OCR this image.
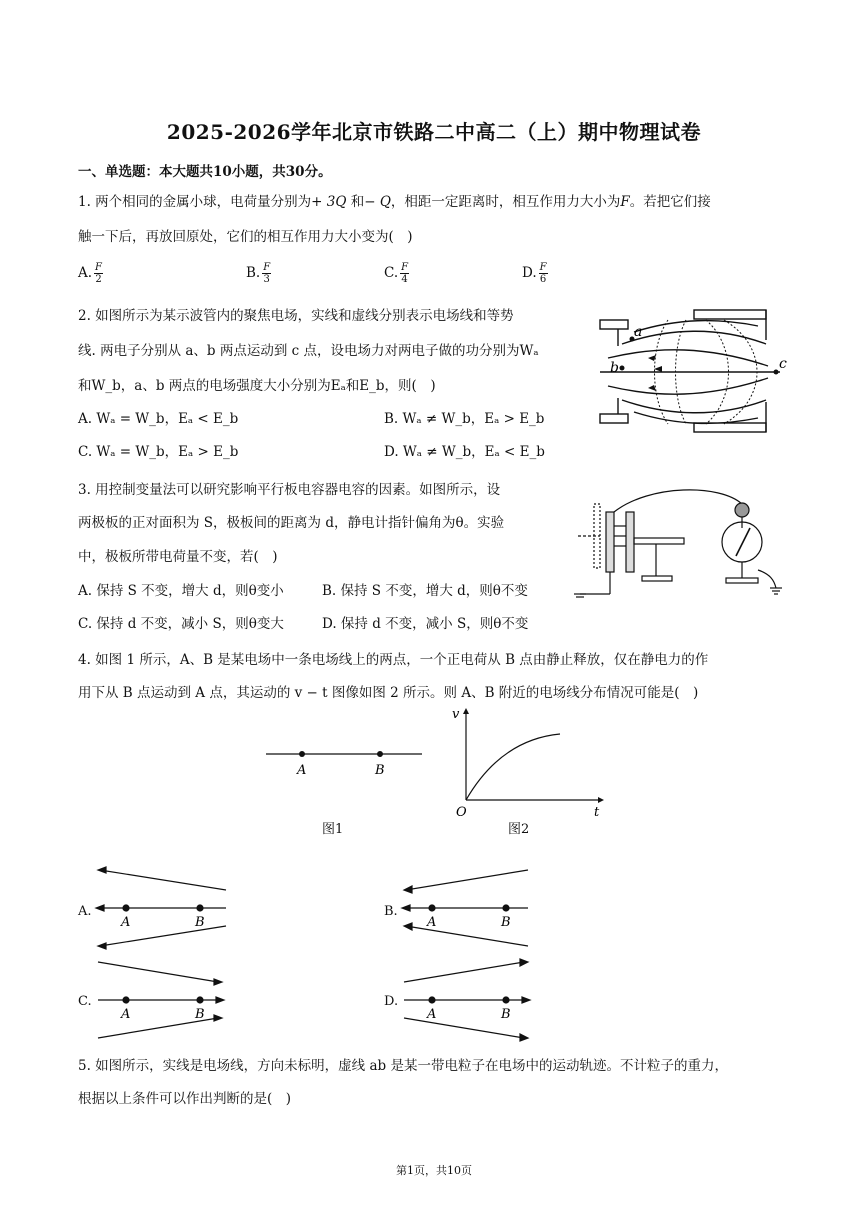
2025-2026学年北京市铁路二中高二（上）期中物理试卷
一、单选题：本大题共10小题，共30分。
1. 两个相同的金属小球，电荷量分别为+ 3Q 和− Q，相距一定距离时，相互作用力大小为F。若把它们接
触一下后，再放回原处，它们的相互作用力大小变为(　)
A. $\frac{F}{2}$	B. $\frac{F}{3}$	C. $\frac{F}{4}$	D. $\frac{F}{6}$
2. 如图所示为某示波管内的聚焦电场，实线和虚线分别表示电场线和等势
线. 两电子分别从 a、b 两点运动到 c 点，设电场力对两电子做的功分别为Wₐ
和W_b，a、b 两点的电场强度大小分别为Eₐ和E_b，则(　)
A. Wₐ = W_b，Eₐ < E_b	B. Wₐ ≠ W_b，Eₐ > E_b
C. Wₐ = W_b，Eₐ > E_b	D. Wₐ ≠ W_b，Eₐ < E_b
a
b	c
3. 用控制变量法可以研究影响平行板电容器电容的因素。如图所示，设
两极板的正对面积为 S，极板间的距离为 d，静电计指针偏角为θ。实验
中，极板所带电荷量不变，若(　)
A. 保持 S 不变，增大 d，则θ变小	B. 保持 S 不变，增大 d，则θ不变
C. 保持 d 不变，减小 S，则θ变大	D. 保持 d 不变，减小 S，则θ不变
4. 如图 1 所示，A、B 是某电场中一条电场线上的两点，一个正电荷从 B 点由静止释放，仅在静电力的作
用下从 B 点运动到 A 点，其运动的 v − t 图像如图 2 所示。则 A、B 附近的电场线分布情况可能是(　)
A	B
图1
v
t
O
图2
A.
A	B
B.
A	B
C.
A	B
D.
A	B
5. 如图所示，实线是电场线，方向未标明，虚线 ab 是某一带电粒子在电场中的运动轨迹。不计粒子的重力，
根据以上条件可以作出判断的是(　)
第1页，共10页
